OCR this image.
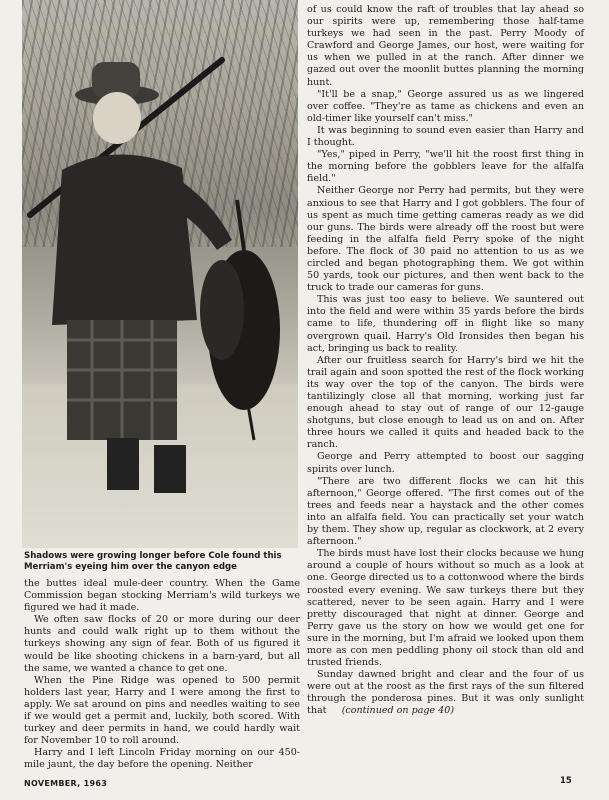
Shadows were growing longer before Cole found this Merriam's eyeing him over the canyon edge

the buttes ideal mule-deer country. When the Game Commission began stocking Merriam's wild turkeys we figured we had it made.

We often saw flocks of 20 or more during our deer hunts and could walk right up to them without the turkeys showing any sign of fear. Both of us figured it would be like shooting chickens in a barn-yard, but all the same, we wanted a chance to get one.

When the Pine Ridge was opened to 500 permit holders last year, Harry and I were among the first to apply. We sat around on pins and needles waiting to see if we would get a permit and, luckily, both scored. With turkey and deer permits in hand, we could hardly wait for November 10 to roll around.

Harry and I left Lincoln Friday morning on our 450-mile jaunt, the day before the opening. Neither

of us could know the raft of troubles that lay ahead so our spirits were up, remembering those half-tame turkeys we had seen in the past. Perry Moody of Crawford and George James, our host, were waiting for us when we pulled in at the ranch. After dinner we gazed out over the moonlit buttes planning the morning hunt.

"It'll be a snap," George assured us as we lingered over coffee. "They're as tame as chickens and even an old-timer like yourself can't miss."

It was beginning to sound even easier than Harry and I thought.

"Yes," piped in Perry, "we'll hit the roost first thing in the morning before the gobblers leave for the alfalfa field."

Neither George nor Perry had permits, but they were anxious to see that Harry and I got gobblers. The four of us spent as much time getting cameras ready as we did our guns. The birds were already off the roost but were feeding in the alfalfa field Perry spoke of the night before. The flock of 30 paid no attention to us as we circled and began photographing them. We got within 50 yards, took our pictures, and then went back to the truck to trade our cameras for guns.

This was just too easy to believe. We sauntered out into the field and were within 35 yards before the birds came to life, thundering off in flight like so many overgrown quail. Harry's Old Ironsides then began his act, bringing us back to reality.

After our fruitless search for Harry's bird we hit the trail again and soon spotted the rest of the flock working its way over the top of the canyon. The birds were tantilizingly close all that morning, working just far enough ahead to stay out of range of our 12-gauge shotguns, but close enough to lead us on and on. After three hours we called it quits and headed back to the ranch.

George and Perry attempted to boost our sagging spirits over lunch.

"There are two different flocks we can hit this afternoon," George offered. "The first comes out of the trees and feeds near a haystack and the other comes into an alfalfa field. You can practically set your watch by them. They show up, regular as clockwork, at 2 every afternoon."

The birds must have lost their clocks because we hung around a couple of hours without so much as a look at one. George directed us to a cottonwood where the birds roosted every evening. We saw turkeys there but they scattered, never to be seen again. Harry and I were pretty discouraged that night at dinner. George and Perry gave us the story on how we would get one for sure in the morning, but I'm afraid we looked upon them more as con men peddling phony oil stock than old and trusted friends.

Sunday dawned bright and clear and the four of us were out at the roost as the first rays of the sun filtered through the ponderosa pines. But it was only sunlight that (continued on page 40)

NOVEMBER, 1963	15
